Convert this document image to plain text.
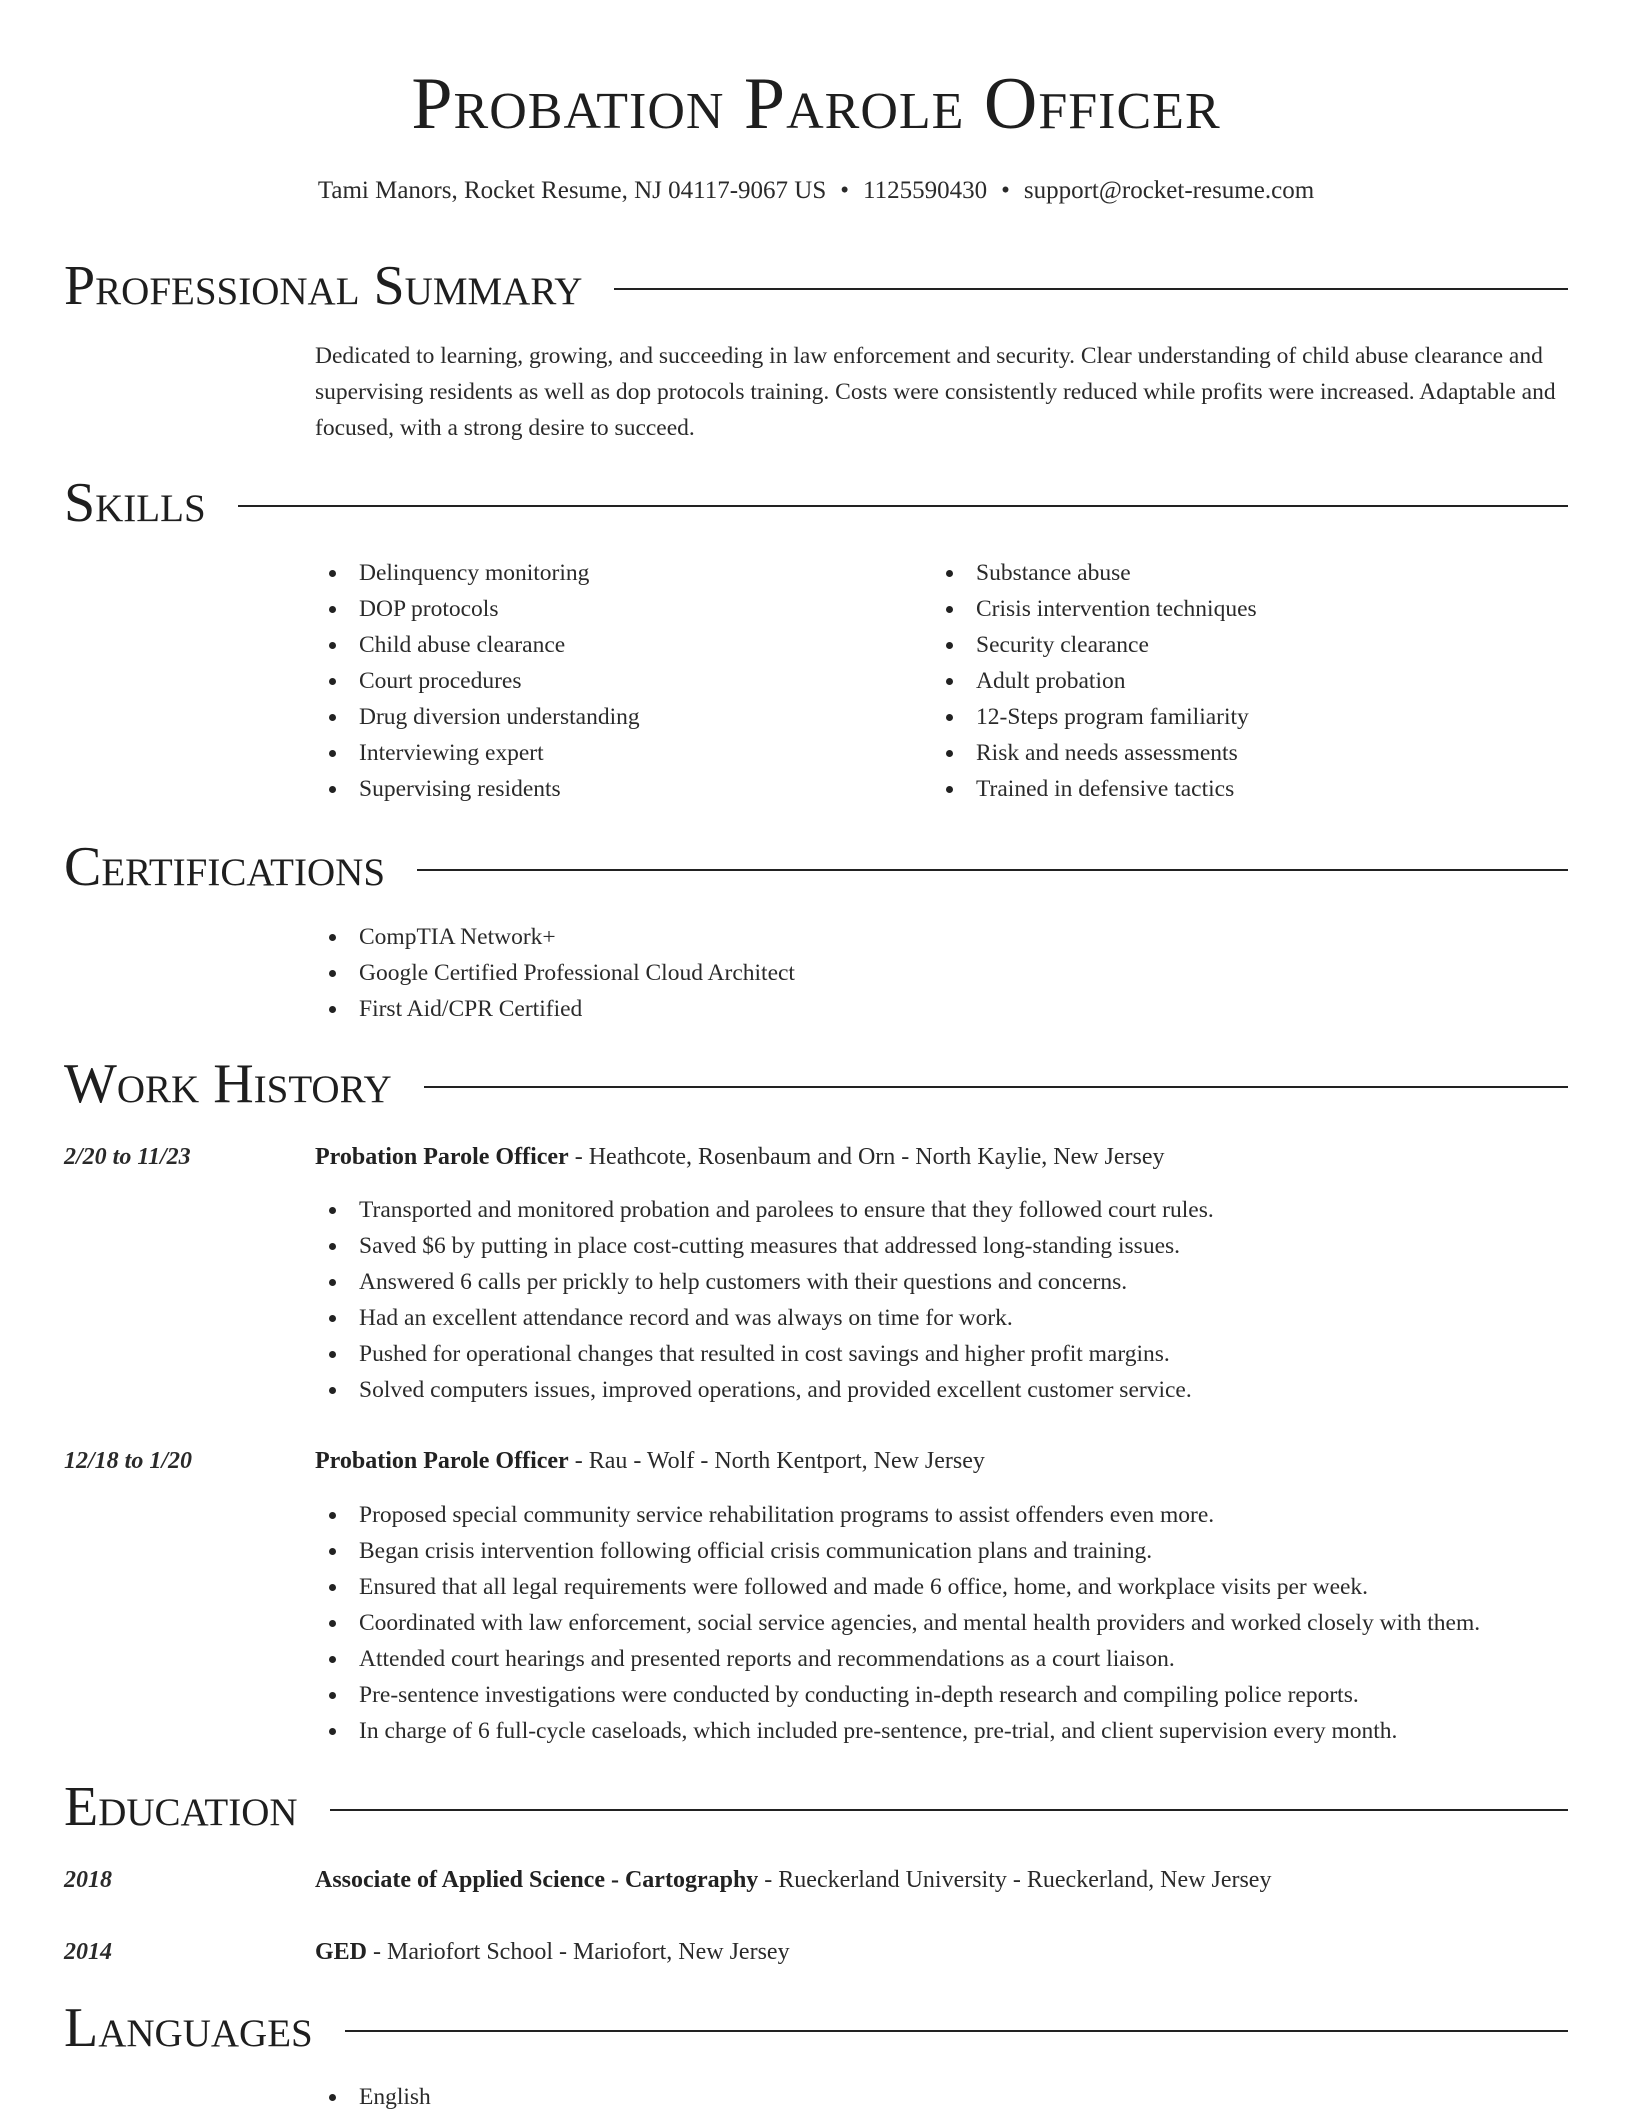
Probation Parole Officer
Tami Manors, Rocket Resume, NJ 04117-9067 US • 1125590430 • support@rocket-resume.com
Professional Summary

Dedicated to learning, growing, and succeeding in law enforcement and security. Clear understanding of child abuse clearance and supervising residents as well as dop protocols training. Costs were consistently reduced while profits were increased. Adaptable and focused, with a strong desire to succeed.

Skills
Delinquency monitoring
DOP protocols
Child abuse clearance
Court procedures
Drug diversion understanding
Interviewing expert
Supervising residents
Substance abuse
Crisis intervention techniques
Security clearance
Adult probation
12-Steps program familiarity
Risk and needs assessments
Trained in defensive tactics
Certifications
CompTIA Network+
Google Certified Professional Cloud Architect
First Aid/CPR Certified
Work History
2/20 to 11/23	Probation Parole Officer - Heathcote, Rosenbaum and Orn - North Kaylie, New Jersey
Transported and monitored probation and parolees to ensure that they followed court rules.
Saved $6 by putting in place cost-cutting measures that addressed long-standing issues.
Answered 6 calls per prickly to help customers with their questions and concerns.
Had an excellent attendance record and was always on time for work.
Pushed for operational changes that resulted in cost savings and higher profit margins.
Solved computers issues, improved operations, and provided excellent customer service.
12/18 to 1/20	Probation Parole Officer - Rau - Wolf - North Kentport, New Jersey
Proposed special community service rehabilitation programs to assist offenders even more.
Began crisis intervention following official crisis communication plans and training.
Ensured that all legal requirements were followed and made 6 office, home, and workplace visits per week.
Coordinated with law enforcement, social service agencies, and mental health providers and worked closely with them.
Attended court hearings and presented reports and recommendations as a court liaison.
Pre-sentence investigations were conducted by conducting in-depth research and compiling police reports.
In charge of 6 full-cycle caseloads, which included pre-sentence, pre-trial, and client supervision every month.
Education
2018	Associate of Applied Science - Cartography - Rueckerland University - Rueckerland, New Jersey
2014	GED - Mariofort School - Mariofort, New Jersey
Languages
English
